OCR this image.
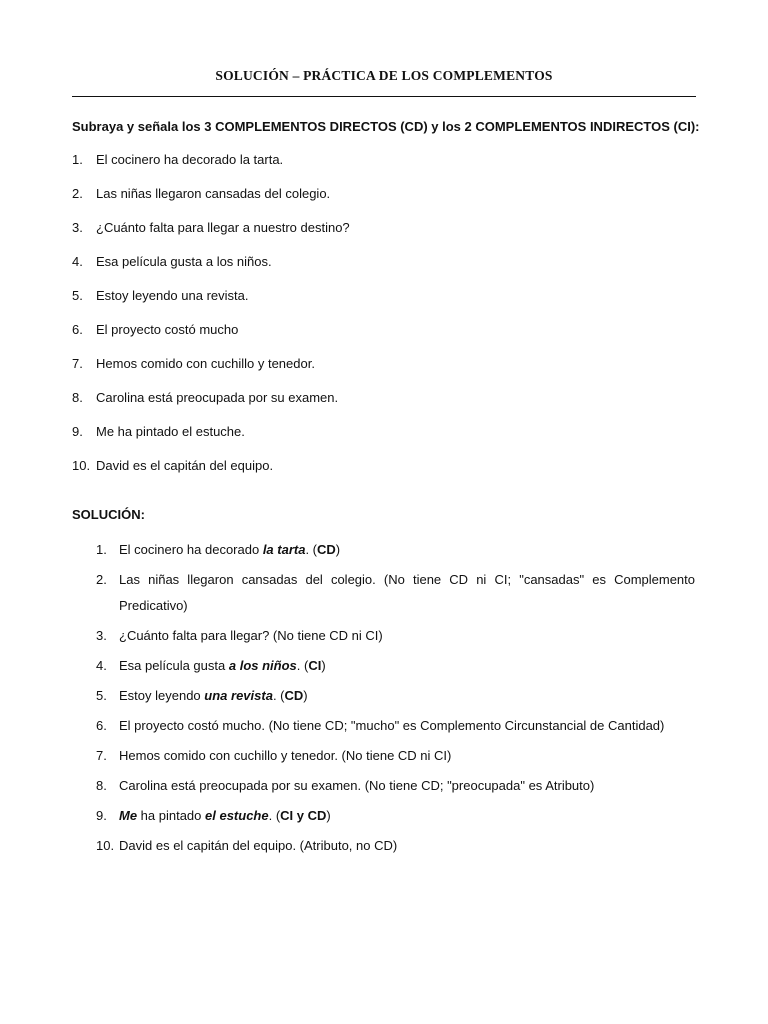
SOLUCIÓN – PRÁCTICA DE LOS COMPLEMENTOS
Subraya y señala los 3 COMPLEMENTOS DIRECTOS (CD) y los 2 COMPLEMENTOS INDIRECTOS (CI):
1. El cocinero ha decorado la tarta.
2. Las niñas llegaron cansadas del colegio.
3. ¿Cuánto falta para llegar a nuestro destino?
4. Esa película gusta a los niños.
5. Estoy leyendo una revista.
6. El proyecto costó mucho
7. Hemos comido con cuchillo y tenedor.
8. Carolina está preocupada por su examen.
9. Me ha pintado el estuche.
10. David es el capitán del equipo.
SOLUCIÓN:
1. El cocinero ha decorado la tarta. (CD)
2. Las niñas llegaron cansadas del colegio. (No tiene CD ni CI; "cansadas" es Complemento Predicativo)
3. ¿Cuánto falta para llegar? (No tiene CD ni CI)
4. Esa película gusta a los niños. (CI)
5. Estoy leyendo una revista. (CD)
6. El proyecto costó mucho. (No tiene CD; "mucho" es Complemento Circunstancial de Cantidad)
7. Hemos comido con cuchillo y tenedor. (No tiene CD ni CI)
8. Carolina está preocupada por su examen. (No tiene CD; "preocupada" es Atributo)
9. Me ha pintado el estuche. (CI y CD)
10. David es el capitán del equipo. (Atributo, no CD)
